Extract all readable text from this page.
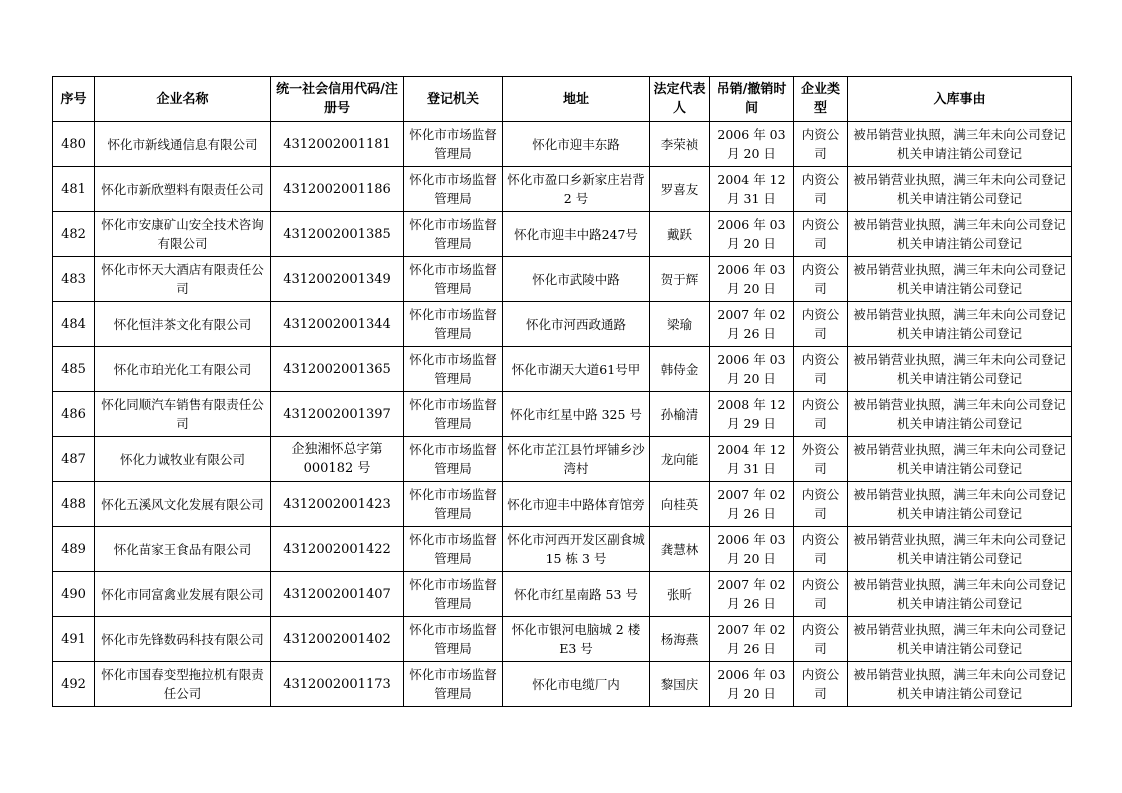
序号	企业名称	统一社会信用代码/注册号	登记机关	地址	法定代表人	吊销/撤销时间	企业类型	入库事由
480	怀化市新线通信息有限公司	4312002001181	怀化市市场监督管理局	怀化市迎丰东路	李荣祯	2006 年 03 月 20 日	内资公司	被吊销营业执照，满三年未向公司登记机关申请注销公司登记
481	怀化市新欣塑料有限责任公司	4312002001186	怀化市市场监督管理局	怀化市盈口乡新家庄岩背 2 号	罗喜友	2004 年 12 月 31 日	内资公司	被吊销营业执照，满三年未向公司登记机关申请注销公司登记
482	怀化市安康矿山安全技术咨询有限公司	4312002001385	怀化市市场监督管理局	怀化市迎丰中路247号	戴跃	2006 年 03 月 20 日	内资公司	被吊销营业执照，满三年未向公司登记机关申请注销公司登记
483	怀化市怀天大酒店有限责任公司	4312002001349	怀化市市场监督管理局	怀化市武陵中路	贺于辉	2006 年 03 月 20 日	内资公司	被吊销营业执照，满三年未向公司登记机关申请注销公司登记
484	怀化恒沣茶文化有限公司	4312002001344	怀化市市场监督管理局	怀化市河西政通路	梁瑜	2007 年 02 月 26 日	内资公司	被吊销营业执照，满三年未向公司登记机关申请注销公司登记
485	怀化市珀光化工有限公司	4312002001365	怀化市市场监督管理局	怀化市湖天大道61号甲	韩侍金	2006 年 03 月 20 日	内资公司	被吊销营业执照，满三年未向公司登记机关申请注销公司登记
486	怀化同顺汽车销售有限责任公司	4312002001397	怀化市市场监督管理局	怀化市红星中路 325 号	孙榆清	2008 年 12 月 29 日	内资公司	被吊销营业执照，满三年未向公司登记机关申请注销公司登记
487	怀化力诚牧业有限公司	企独湘怀总字第000182 号	怀化市市场监督管理局	怀化市芷江县竹坪铺乡沙湾村	龙向能	2004 年 12 月 31 日	外资公司	被吊销营业执照，满三年未向公司登记机关申请注销公司登记
488	怀化五溪风文化发展有限公司	4312002001423	怀化市市场监督管理局	怀化市迎丰中路体育馆旁	向桂英	2007 年 02 月 26 日	内资公司	被吊销营业执照，满三年未向公司登记机关申请注销公司登记
489	怀化苗家王食品有限公司	4312002001422	怀化市市场监督管理局	怀化市河西开发区副食城 15 栋 3 号	龚慧林	2006 年 03 月 20 日	内资公司	被吊销营业执照，满三年未向公司登记机关申请注销公司登记
490	怀化市同富禽业发展有限公司	4312002001407	怀化市市场监督管理局	怀化市红星南路 53 号	张昕	2007 年 02 月 26 日	内资公司	被吊销营业执照，满三年未向公司登记机关申请注销公司登记
491	怀化市先锋数码科技有限公司	4312002001402	怀化市市场监督管理局	怀化市银河电脑城 2 楼 E3 号	杨海燕	2007 年 02 月 26 日	内资公司	被吊销营业执照，满三年未向公司登记机关申请注销公司登记
492	怀化市国春变型拖拉机有限责任公司	4312002001173	怀化市市场监督管理局	怀化市电缆厂内	黎国庆	2006 年 03 月 20 日	内资公司	被吊销营业执照，满三年未向公司登记机关申请注销公司登记
